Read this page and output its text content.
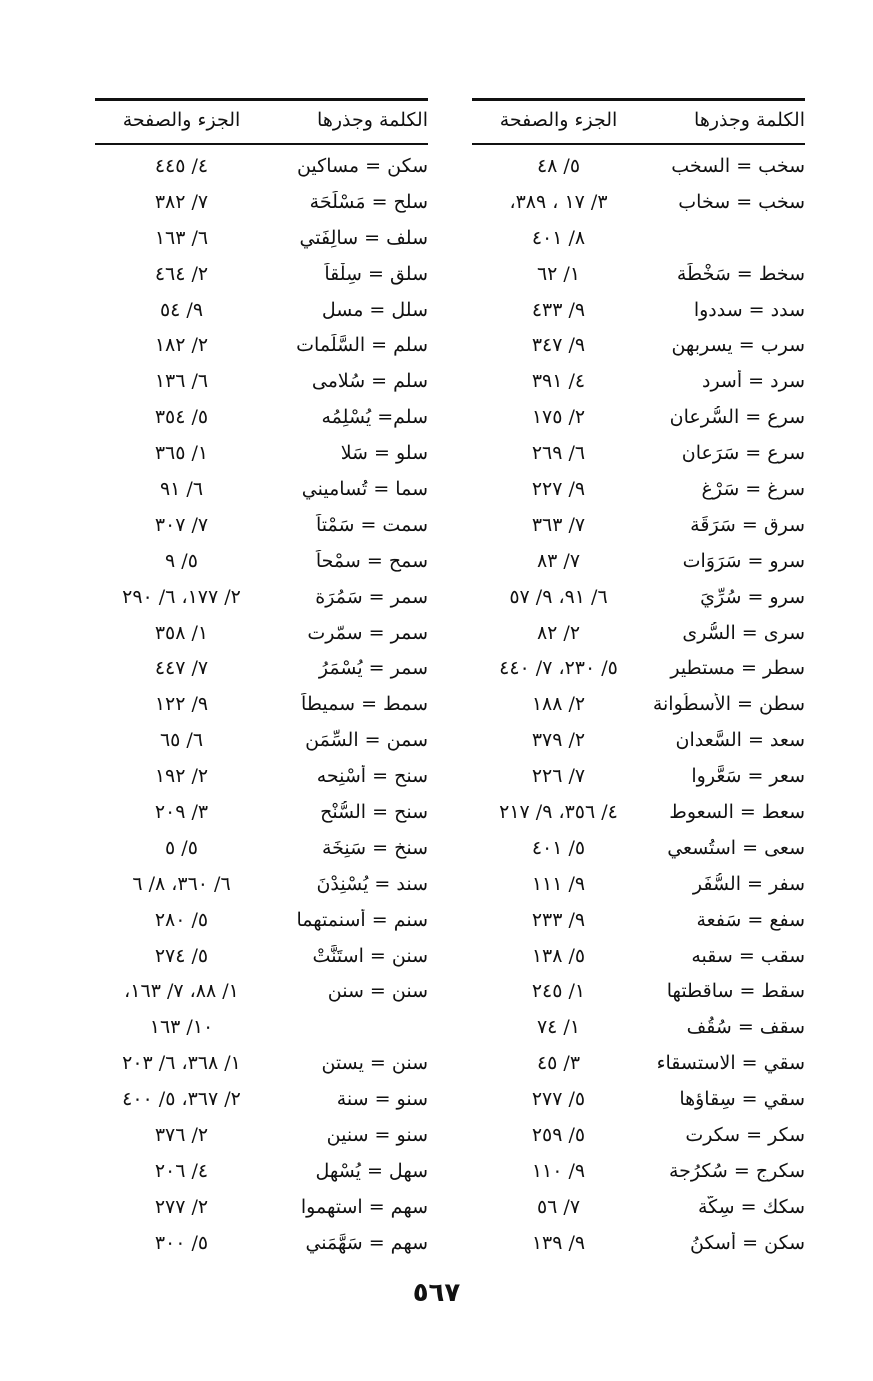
الكلمة وجذرها
الجزء والصفحة
سخب = السخب
٥/ ٤٨
سخب = سخاب
٣/ ١٧ ، ٣٨٩،
٨/ ٤٠١
سخط = سَخْطَة
١/ ٦٢
سدد = سددوا
٩/ ٤٣٣
سرب = يسربهن
٩/ ٣٤٧
سرد = أسرد
٤/ ٣٩١
سرع = السُّرعان
٢/ ١٧٥
سرع = سَرَعان
٦/ ٢٦٩
سرغ = سَرْغ
٩/ ٢٢٧
سرق = سَرَقَة
٧/ ٣٦٣
سرو = سَرَوَات
٧/ ٨٣
سرو = سُرِّيَ
٦/ ٩١، ٩/ ٥٧
سرى = السُّرى
٢/ ٨٢
سطر = مستطير
٥/ ٢٣٠، ٧/ ٤٤٠
سطن = الأُسطُوانة
٢/ ١٨٨
سعد = السَّعدان
٢/ ٣٧٩
سعر = سَعَّروا
٧/ ٢٢٦
سعط = السعوط
٤/ ٣٥٦، ٩/ ٢١٧
سعى = استُسعي
٥/ ٤٠١
سفر = السُّفَر
٩/ ١١١
سفع = سَفعة
٩/ ٢٣٣
سقب = سقبه
٥/ ١٣٨
سقط = ساقطتها
١/ ٢٤٥
سقف = سُقُف
١/ ٧٤
سقي = الاستسقاء
٣/ ٤٥
سقي = سِقاؤها
٥/ ٢٧٧
سكر = سكرت
٥/ ٢٥٩
سكرج = سُكرُجة
٩/ ١١٠
سكك = سِكَّة
٧/ ٥٦
سكن = أسكنُ
٩/ ١٣٩
الكلمة وجذرها
الجزء والصفحة
سكن = مساكين
٤/ ٤٤٥
سلح = مَسْلَحَة
٧/ ٣٨٢
سلف = سالِفَتي
٦/ ١٦٣
سلق = سِلْقاً
٢/ ٤٦٤
سلل = مسل
٩/ ٥٤
سلم = السَّلَمات
٢/ ١٨٢
سلم = سُلامى
٦/ ١٣٦
سلم= يُسْلِمُه
٥/ ٣٥٤
سلو = سَلا
١/ ٣٦٥
سما = تُساميني
٦/ ٩١
سمت = سَمْتاً
٧/ ٣٠٧
سمح = سمْحاً
٥/ ٩
سمر = سَمُرَة
٢/ ١٧٧، ٦/ ٢٩٠
سمر = سمّرت
١/ ٣٥٨
سمر = يُسْمَرُ
٧/ ٤٤٧
سمط = سميطاً
٩/ ١٢٢
سمن = السِّمَن
٦/ ٦٥
سنح = أَسْنِحه
٢/ ١٩٢
سنح = السُّنْح
٣/ ٢٠٩
سنخ = سَنِخَة
٥/ ٥
سند = يُسْنِدْنَ
٦/ ٣٦٠، ٨/ ٦
سنم = أسنمتهما
٥/ ٢٨٠
سنن = استَنَّتْ
٥/ ٢٧٤
سنن = سنن
١/ ٨٨، ٧/ ١٦٣،
١٠/ ١٦٣
سنن = يستن
١/ ٣٦٨، ٦/ ٢٠٣
سنو = سنة
٢/ ٣٦٧، ٥/ ٤٠٠
سنو = سنين
٢/ ٣٧٦
سهل = يُسْهِل
٤/ ٢٠٦
سهم = استهموا
٢/ ٢٧٧
سهم = سَهَّمَني
٥/ ٣٠٠
٥٦٧
